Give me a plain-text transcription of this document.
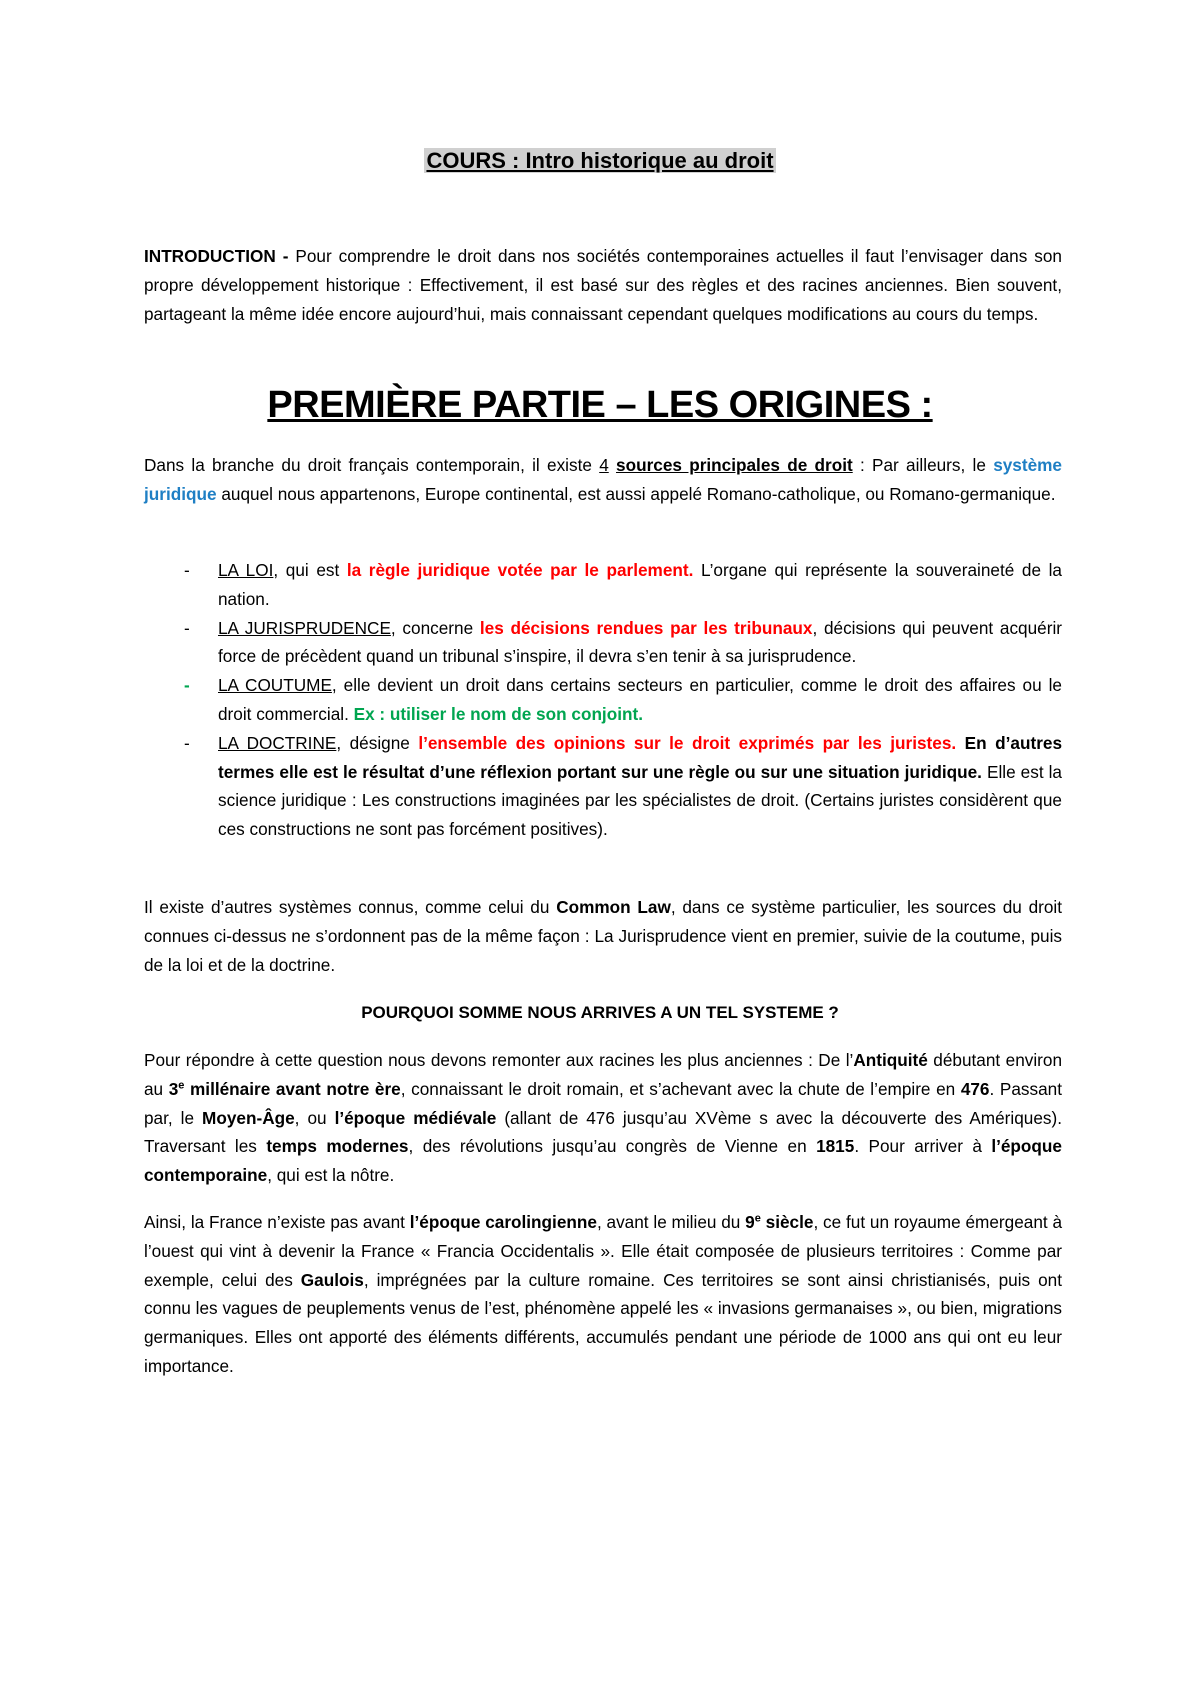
COURS : Intro historique au droit
INTRODUCTION - Pour comprendre le droit dans nos sociétés contemporaines actuelles il faut l’envisager dans son propre développement historique : Effectivement, il est basé sur des règles et des racines anciennes. Bien souvent, partageant la même idée encore aujourd’hui, mais connaissant cependant quelques modifications au cours du temps.
PREMIÈRE PARTIE – LES ORIGINES :
Dans la branche du droit français contemporain, il existe 4 sources principales de droit : Par ailleurs, le système juridique auquel nous appartenons, Europe continental, est aussi appelé Romano-catholique, ou Romano-germanique.
- LA LOI, qui est la règle juridique votée par le parlement. L’organe qui représente la souveraineté de la nation.
- LA JURISPRUDENCE, concerne les décisions rendues par les tribunaux, décisions qui peuvent acquérir force de précèdent quand un tribunal s’inspire, il devra s’en tenir à sa jurisprudence.
- LA COUTUME, elle devient un droit dans certains secteurs en particulier, comme le droit des affaires ou le droit commercial. Ex : utiliser le nom de son conjoint.
- LA DOCTRINE, désigne l’ensemble des opinions sur le droit exprimés par les juristes. En d’autres termes elle est le résultat d’une réflexion portant sur une règle ou sur une situation juridique. Elle est la science juridique : Les constructions imaginées par les spécialistes de droit. (Certains juristes considèrent que ces constructions ne sont pas forcément positives).
Il existe d’autres systèmes connus, comme celui du Common Law, dans ce système particulier, les sources du droit connues ci-dessus ne s’ordonnent pas de la même façon : La Jurisprudence vient en premier, suivie de la coutume, puis de la loi et de la doctrine.
POURQUOI SOMME NOUS ARRIVES A UN TEL SYSTEME ?
Pour répondre à cette question nous devons remonter aux racines les plus anciennes : De l’Antiquité débutant environ au 3e millénaire avant notre ère, connaissant le droit romain, et s’achevant avec la chute de l’empire en 476. Passant par, le Moyen-Âge, ou l’époque médiévale (allant de 476 jusqu’au XVème s avec la découverte des Amériques). Traversant les temps modernes, des révolutions jusqu’au congrès de Vienne en 1815. Pour arriver à l’époque contemporaine, qui est la nôtre.
Ainsi, la France n’existe pas avant l’époque carolingienne, avant le milieu du 9e siècle, ce fut un royaume émergeant à l’ouest qui vint à devenir la France « Francia Occidentalis ». Elle était composée de plusieurs territoires : Comme par exemple, celui des Gaulois, imprégnées par la culture romaine. Ces territoires se sont ainsi christianisés, puis ont connu les vagues de peuplements venus de l’est, phénomène appelé les « invasions germanaises », ou bien, migrations germaniques. Elles ont apporté des éléments différents, accumulés pendant une période de 1000 ans qui ont eu leur importance.
